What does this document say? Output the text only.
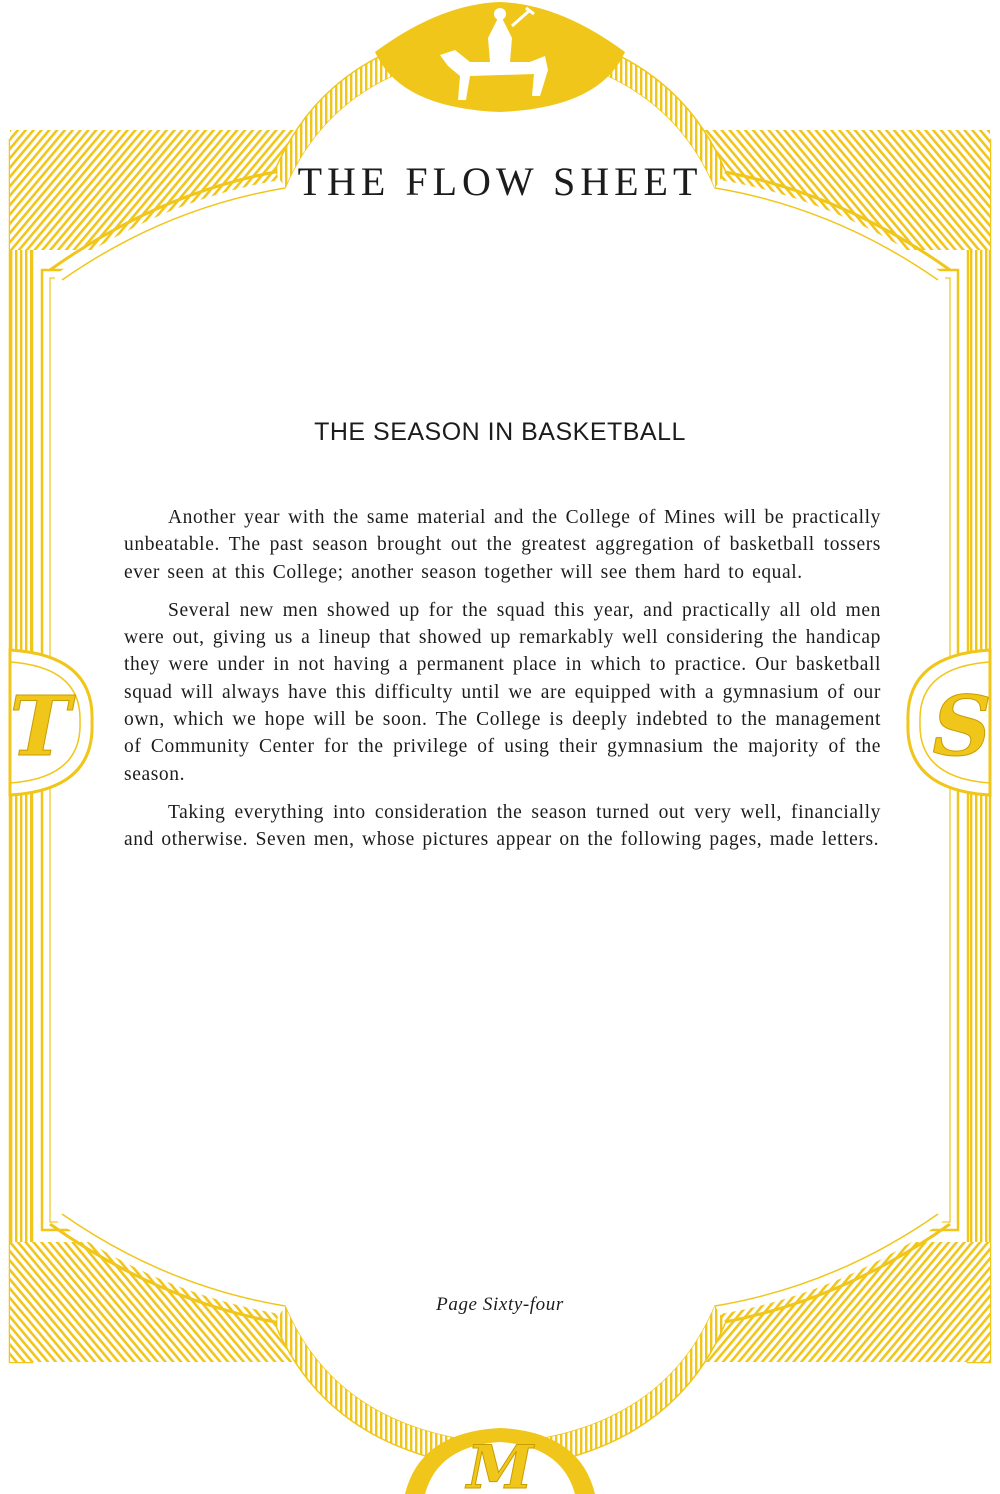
T	S
M
THE FLOW SHEET
THE SEASON IN BASKETBALL

Another year with the same material and the College of Mines will be practically unbeatable. The past season brought out the greatest aggregation of basketball tossers ever seen at this College; another season together will see them hard to equal.

Several new men showed up for the squad this year, and practically all old men were out, giving us a lineup that showed up remarkably well considering the handicap they were under in not having a permanent place in which to practice. Our basketball squad will always have this difficulty until we are equipped with a gymnasium of our own, which we hope will be soon. The College is deeply indebted to the management of Community Center for the privilege of using their gymnasium the majority of the season.

Taking everything into consideration the season turned out very well, financially and otherwise. Seven men, whose pictures appear on the following pages, made letters.

Page Sixty-four
